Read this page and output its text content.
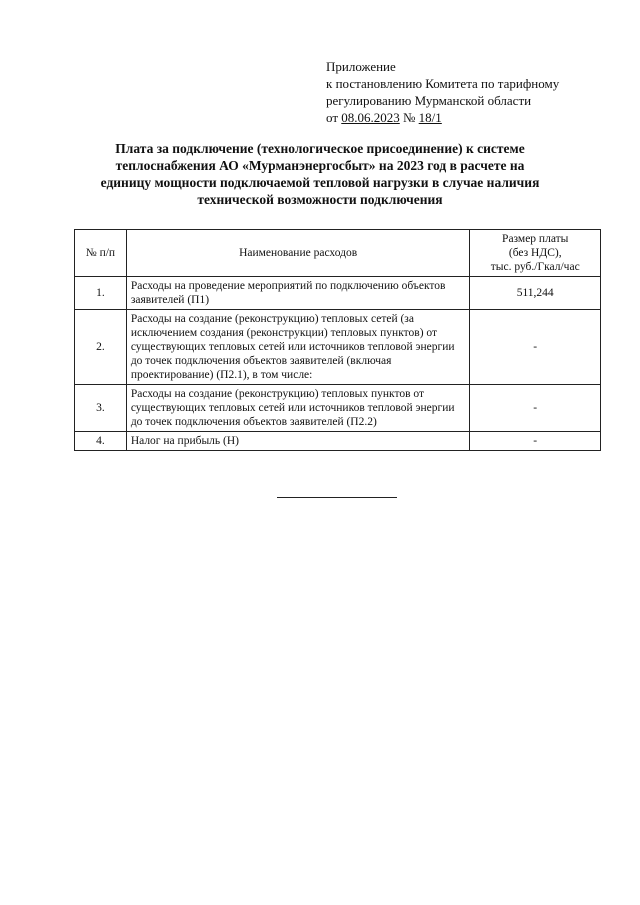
Приложение
к постановлению Комитета по тарифному
регулированию Мурманской области
от 08.06.2023 № 18/1
Плата за подключение (технологическое присоединение) к системе
теплоснабжения АО «Мурманэнергосбыт» на 2023 год в расчете на
единицу мощности подключаемой тепловой нагрузки в случае наличия
технической возможности подключения
№ п/п	Наименование расходов	Размер платы
(без НДС),
тыс. руб./Гкал/час

1.	Расходы на проведение мероприятий по подключению объектов заявителей (П1)	511,244
2.	Расходы на создание (реконструкцию) тепловых сетей (за исключением создания (реконструкции) тепловых пунктов) от существующих тепловых сетей или источников тепловой энергии до точек подключения объектов заявителей (включая проектирование) (П2.1), в том числе:	-
3.	Расходы на создание (реконструкцию) тепловых пунктов от существующих тепловых сетей или источников тепловой энергии до точек подключения объектов заявителей (П2.2)	-
4.	Налог на прибыль (Н)	-
